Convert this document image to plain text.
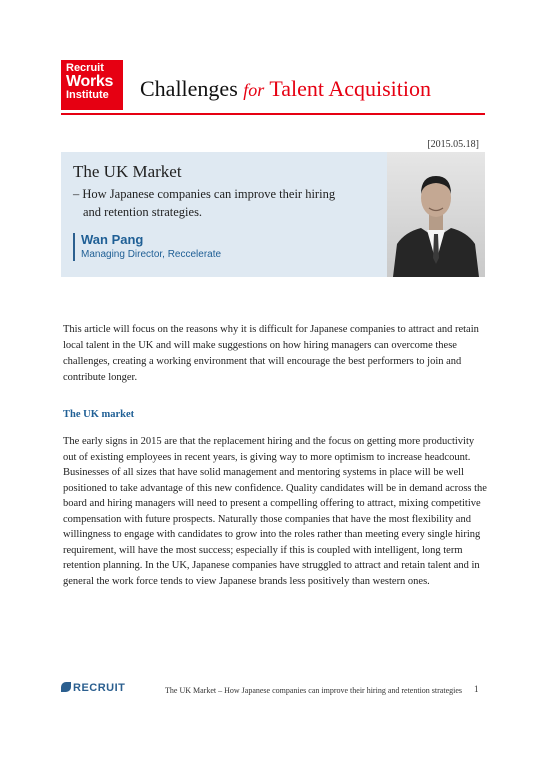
Recruit
Works
Institute	Challenges for Talent Acquisition
[2015.05.18]
The UK Market
– How Japanese companies can improve their hiring
and retention strategies.
Wan Pang
Managing Director, Reccelerate

This article will focus on the reasons why it is difficult for Japanese companies to attract and retain local talent in the UK and will make suggestions on how hiring managers can overcome these challenges, creating a working environment that will encourage the best performers to join and contribute longer.

The UK market

The early signs in 2015 are that the replacement hiring and the focus on getting more productivity out of existing employees in recent years, is giving way to more optimism to increase headcount. Businesses of all sizes that have solid management and mentoring systems in place will be well positioned to take advantage of this new confidence. Quality candidates will be in demand across the board and hiring managers will need to present a compelling offering to attract, mixing competitive compensation with future prospects. Naturally those companies that have the most flexibility and willingness to engage with candidates to grow into the roles rather than meeting every single hiring requirement, will have the most success; especially if this is coupled with intelligent, long term retention planning. In the UK, Japanese companies have struggled to attract and retain talent and in general the work force tends to view Japanese brands less positively than western ones.

RECRUIT	The UK Market – How Japanese companies can improve their hiring and retention strategies 1
